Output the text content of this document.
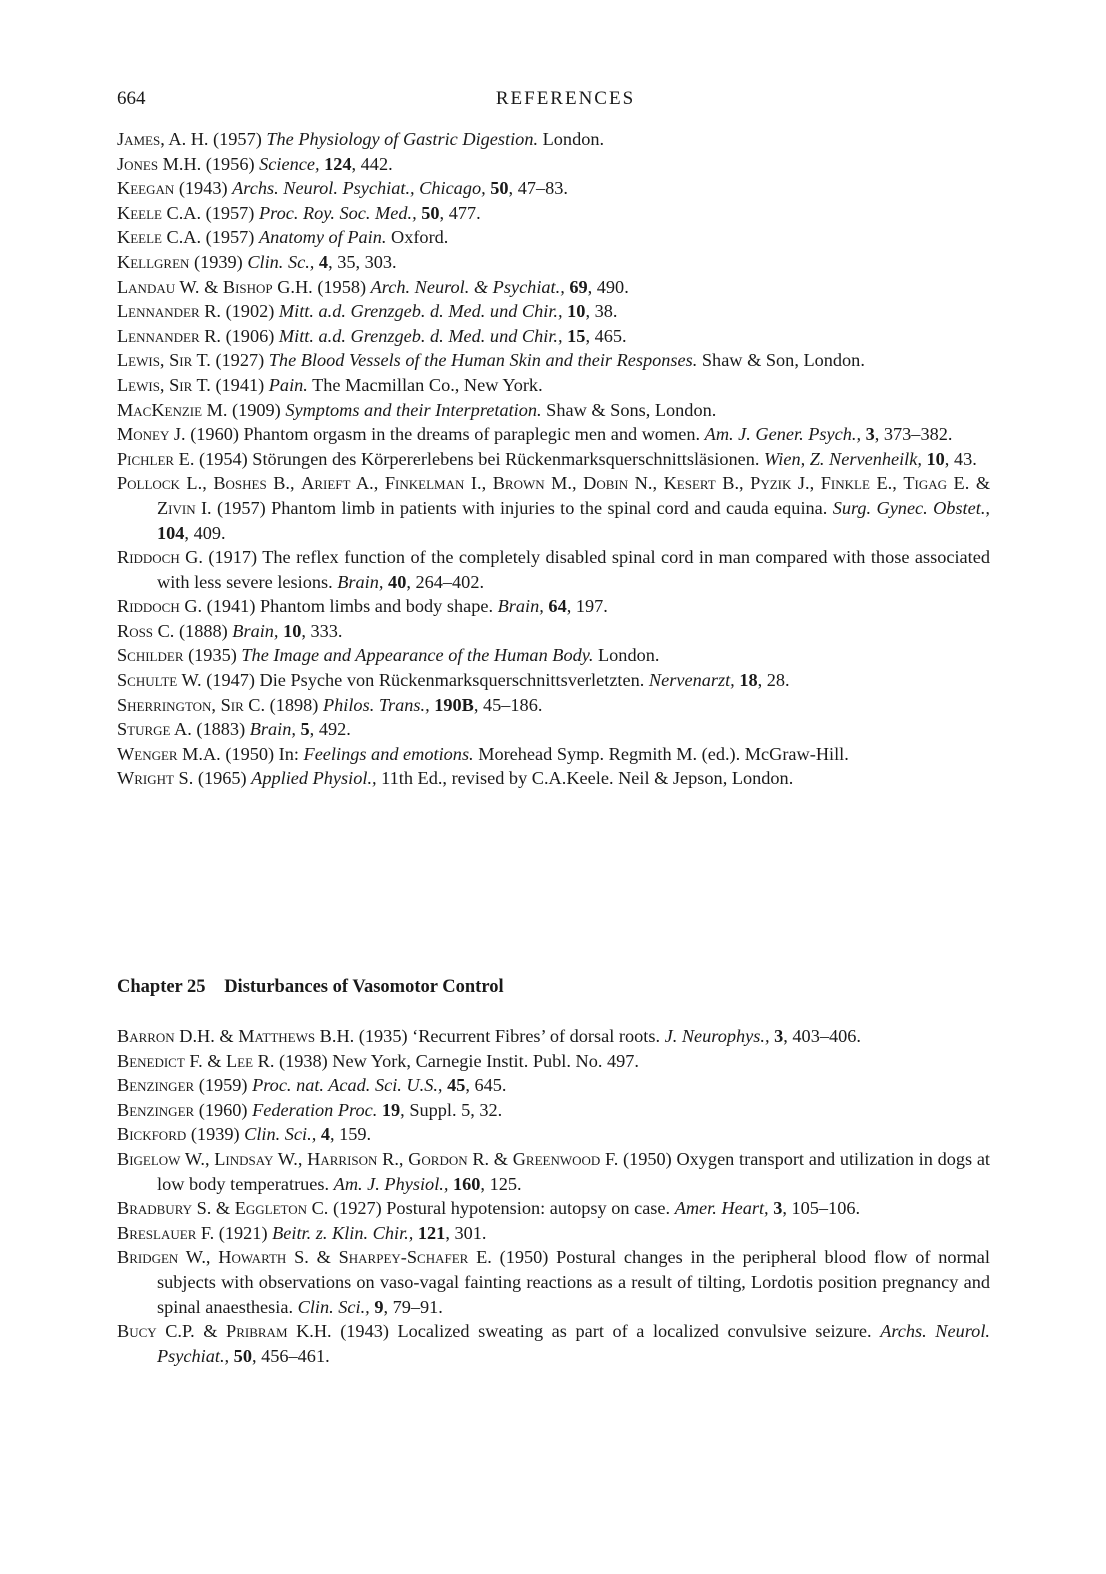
664	REFERENCES
James, A. H. (1957) The Physiology of Gastric Digestion. London.
Jones M.H. (1956) Science, 124, 442.
Keegan (1943) Archs. Neurol. Psychiat., Chicago, 50, 47–83.
Keele C.A. (1957) Proc. Roy. Soc. Med., 50, 477.
Keele C.A. (1957) Anatomy of Pain. Oxford.
Kellgren (1939) Clin. Sc., 4, 35, 303.
Landau W. & Bishop G.H. (1958) Arch. Neurol. & Psychiat., 69, 490.
Lennander R. (1902) Mitt. a.d. Grenzgeb. d. Med. und Chir., 10, 38.
Lennander R. (1906) Mitt. a.d. Grenzgeb. d. Med. und Chir., 15, 465.
Lewis, Sir T. (1927) The Blood Vessels of the Human Skin and their Responses. Shaw & Son, London.
Lewis, Sir T. (1941) Pain. The Macmillan Co., New York.
MacKenzie M. (1909) Symptoms and their Interpretation. Shaw & Sons, London.
Money J. (1960) Phantom orgasm in the dreams of paraplegic men and women. Am. J. Gener. Psych., 3, 373–382.
Pichler E. (1954) Störungen des Körpererlebens bei Rückenmarksquerschnittsläsionen. Wien, Z. Nervenheilk, 10, 43.
Pollock L., Boshes B., Arieft A., Finkelman I., Brown M., Dobin N., Kesert B., Pyzik J., Finkle E., Tigag E. & Zivin I. (1957) Phantom limb in patients with injuries to the spinal cord and cauda equina. Surg. Gynec. Obstet., 104, 409.
Riddoch G. (1917) The reflex function of the completely disabled spinal cord in man compared with those associated with less severe lesions. Brain, 40, 264–402.
Riddoch G. (1941) Phantom limbs and body shape. Brain, 64, 197.
Ross C. (1888) Brain, 10, 333.
Schilder (1935) The Image and Appearance of the Human Body. London.
Schulte W. (1947) Die Psyche von Rückenmarksquerschnittsverletzten. Nervenarzt, 18, 28.
Sherrington, Sir C. (1898) Philos. Trans., 190B, 45–186.
Sturge A. (1883) Brain, 5, 492.
Wenger M.A. (1950) In: Feelings and emotions. Morehead Symp. Regmith M. (ed.). McGraw-Hill.
Wright S. (1965) Applied Physiol., 11th Ed., revised by C.A.Keele. Neil & Jepson, London.
Chapter 25 Disturbances of Vasomotor Control
Barron D.H. & Matthews B.H. (1935) ‘Recurrent Fibres’ of dorsal roots. J. Neurophys., 3, 403–406.
Benedict F. & Lee R. (1938) New York, Carnegie Instit. Publ. No. 497.
Benzinger (1959) Proc. nat. Acad. Sci. U.S., 45, 645.
Benzinger (1960) Federation Proc. 19, Suppl. 5, 32.
Bickford (1939) Clin. Sci., 4, 159.
Bigelow W., Lindsay W., Harrison R., Gordon R. & Greenwood F. (1950) Oxygen transport and utilization in dogs at low body temperatrues. Am. J. Physiol., 160, 125.
Bradbury S. & Eggleton C. (1927) Postural hypotension: autopsy on case. Amer. Heart, 3, 105–106.
Breslauer F. (1921) Beitr. z. Klin. Chir., 121, 301.
Bridgen W., Howarth S. & Sharpey-Schafer E. (1950) Postural changes in the peripheral blood flow of normal subjects with observations on vaso-vagal fainting reactions as a result of tilting, Lordotis position pregnancy and spinal anaesthesia. Clin. Sci., 9, 79–91.
Bucy C.P. & Pribram K.H. (1943) Localized sweating as part of a localized convulsive seizure. Archs. Neurol. Psychiat., 50, 456–461.
